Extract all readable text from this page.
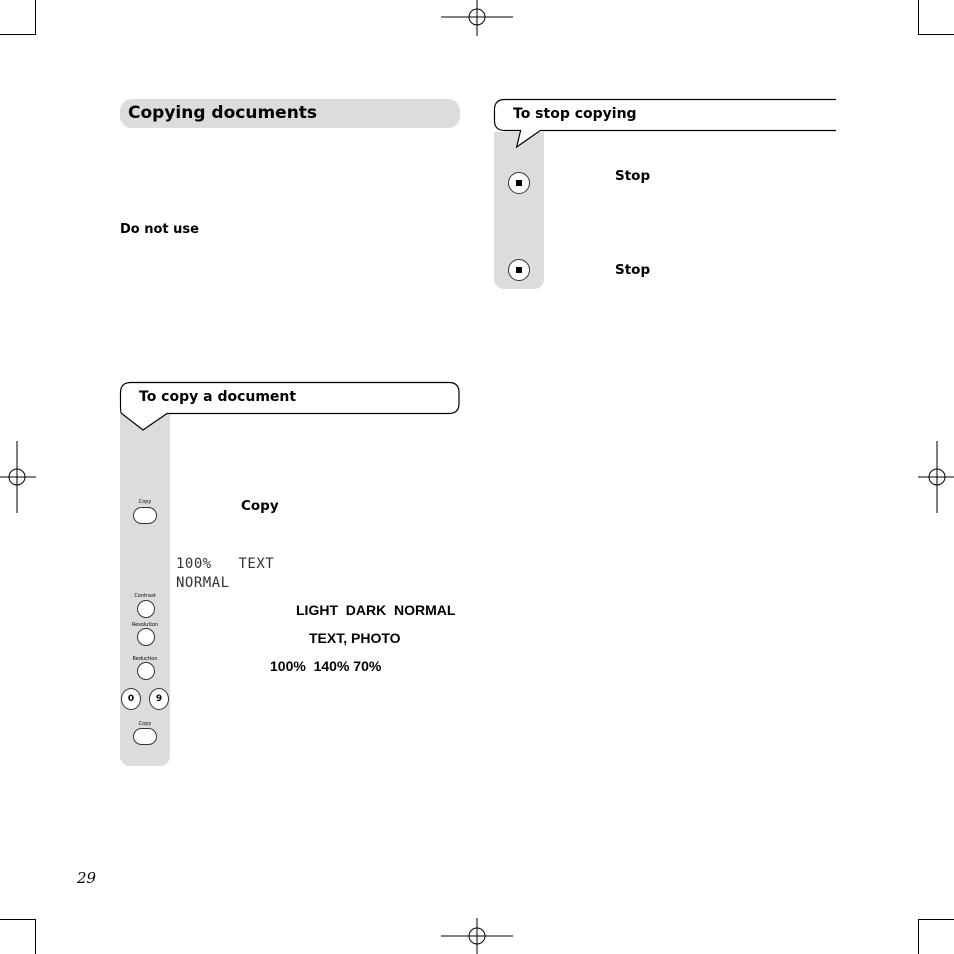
Copying documents
Do not use
To stop copying
Stop
Stop
To copy a document
Copy	Copy
100%   TEXT
NORMAL
Contrast
LIGHT  DARK  NORMAL
Resolution
TEXT, PHOTO
Reduction	100%  140% 70%
0	9
Copy
29
